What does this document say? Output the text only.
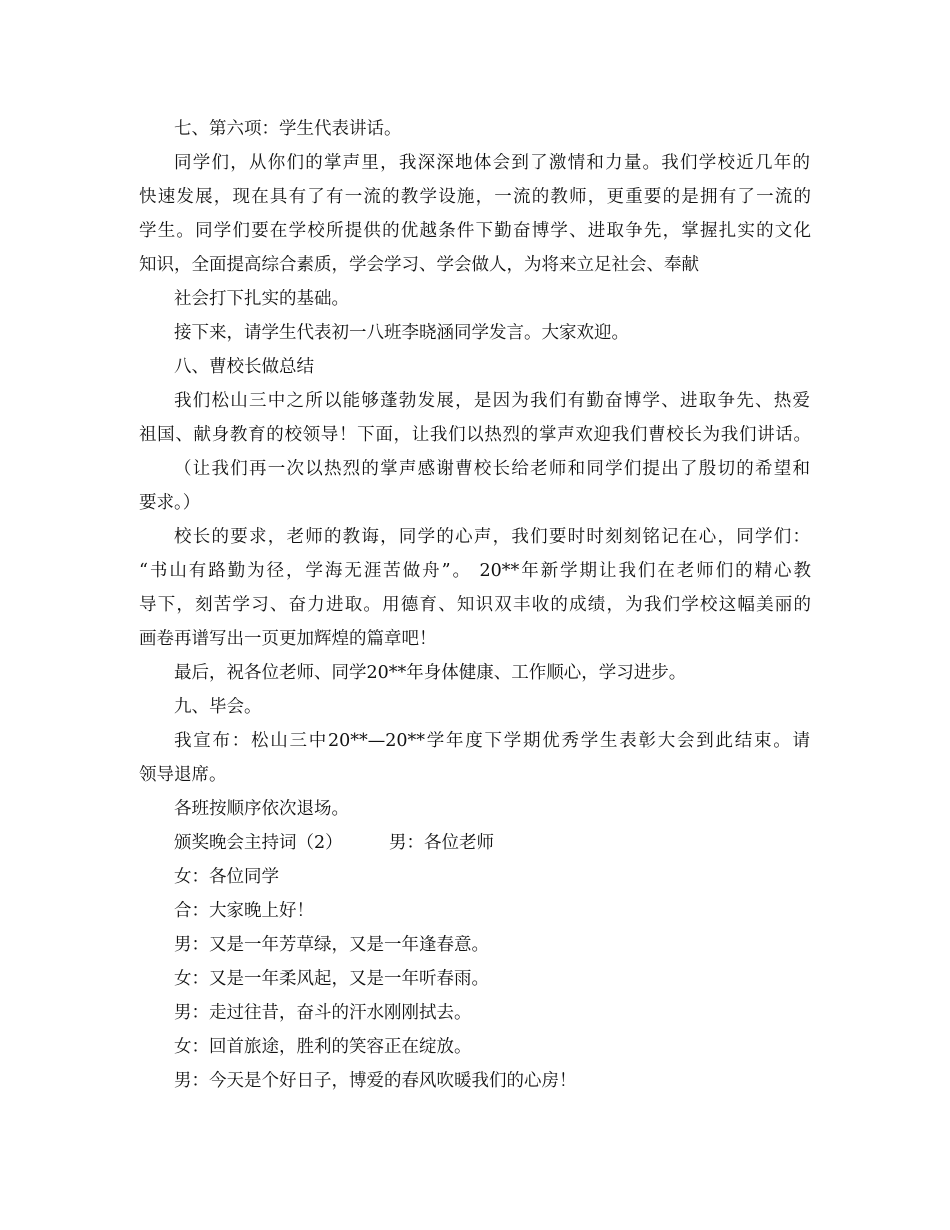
七、第六项：学生代表讲话。
同学们，从你们的掌声里，我深深地体会到了激情和力量。我们学校近几年的
快速发展，现在具有了有一流的教学设施，一流的教师，更重要的是拥有了一流的
学生。同学们要在学校所提供的优越条件下勤奋博学、进取争先，掌握扎实的文化
知识，全面提高综合素质，学会学习、学会做人，为将来立足社会、奉献
社会打下扎实的基础。
接下来，请学生代表初一八班李晓涵同学发言。大家欢迎。
八、曹校长做总结
我们松山三中之所以能够蓬勃发展，是因为我们有勤奋博学、进取争先、热爱
祖国、献身教育的校领导！下面，让我们以热烈的掌声欢迎我们曹校长为我们讲话。
（让我们再一次以热烈的掌声感谢曹校长给老师和同学们提出了殷切的希望和
要求。）
校长的要求，老师的教诲，同学的心声，我们要时时刻刻铭记在心，同学们：
“书山有路勤为径，学海无涯苦做舟”。 20**年新学期让我们在老师们的精心教
导下，刻苦学习、奋力进取。用德育、知识双丰收的成绩，为我们学校这幅美丽的
画卷再谱写出一页更加辉煌的篇章吧！
最后，祝各位老师、同学20**年身体健康、工作顺心，学习进步。
九、毕会。
我宣布：松山三中20**—20**学年度下学期优秀学生表彰大会到此结束。请
领导退席。
各班按顺序依次退场。
颁奖晚会主持词（2）	男：各位老师
女：各位同学
合：大家晚上好！
男：又是一年芳草绿，又是一年逢春意。
女：又是一年柔风起，又是一年听春雨。
男：走过往昔，奋斗的汗水刚刚拭去。
女：回首旅途，胜利的笑容正在绽放。
男：今天是个好日子，博爱的春风吹暖我们的心房！
